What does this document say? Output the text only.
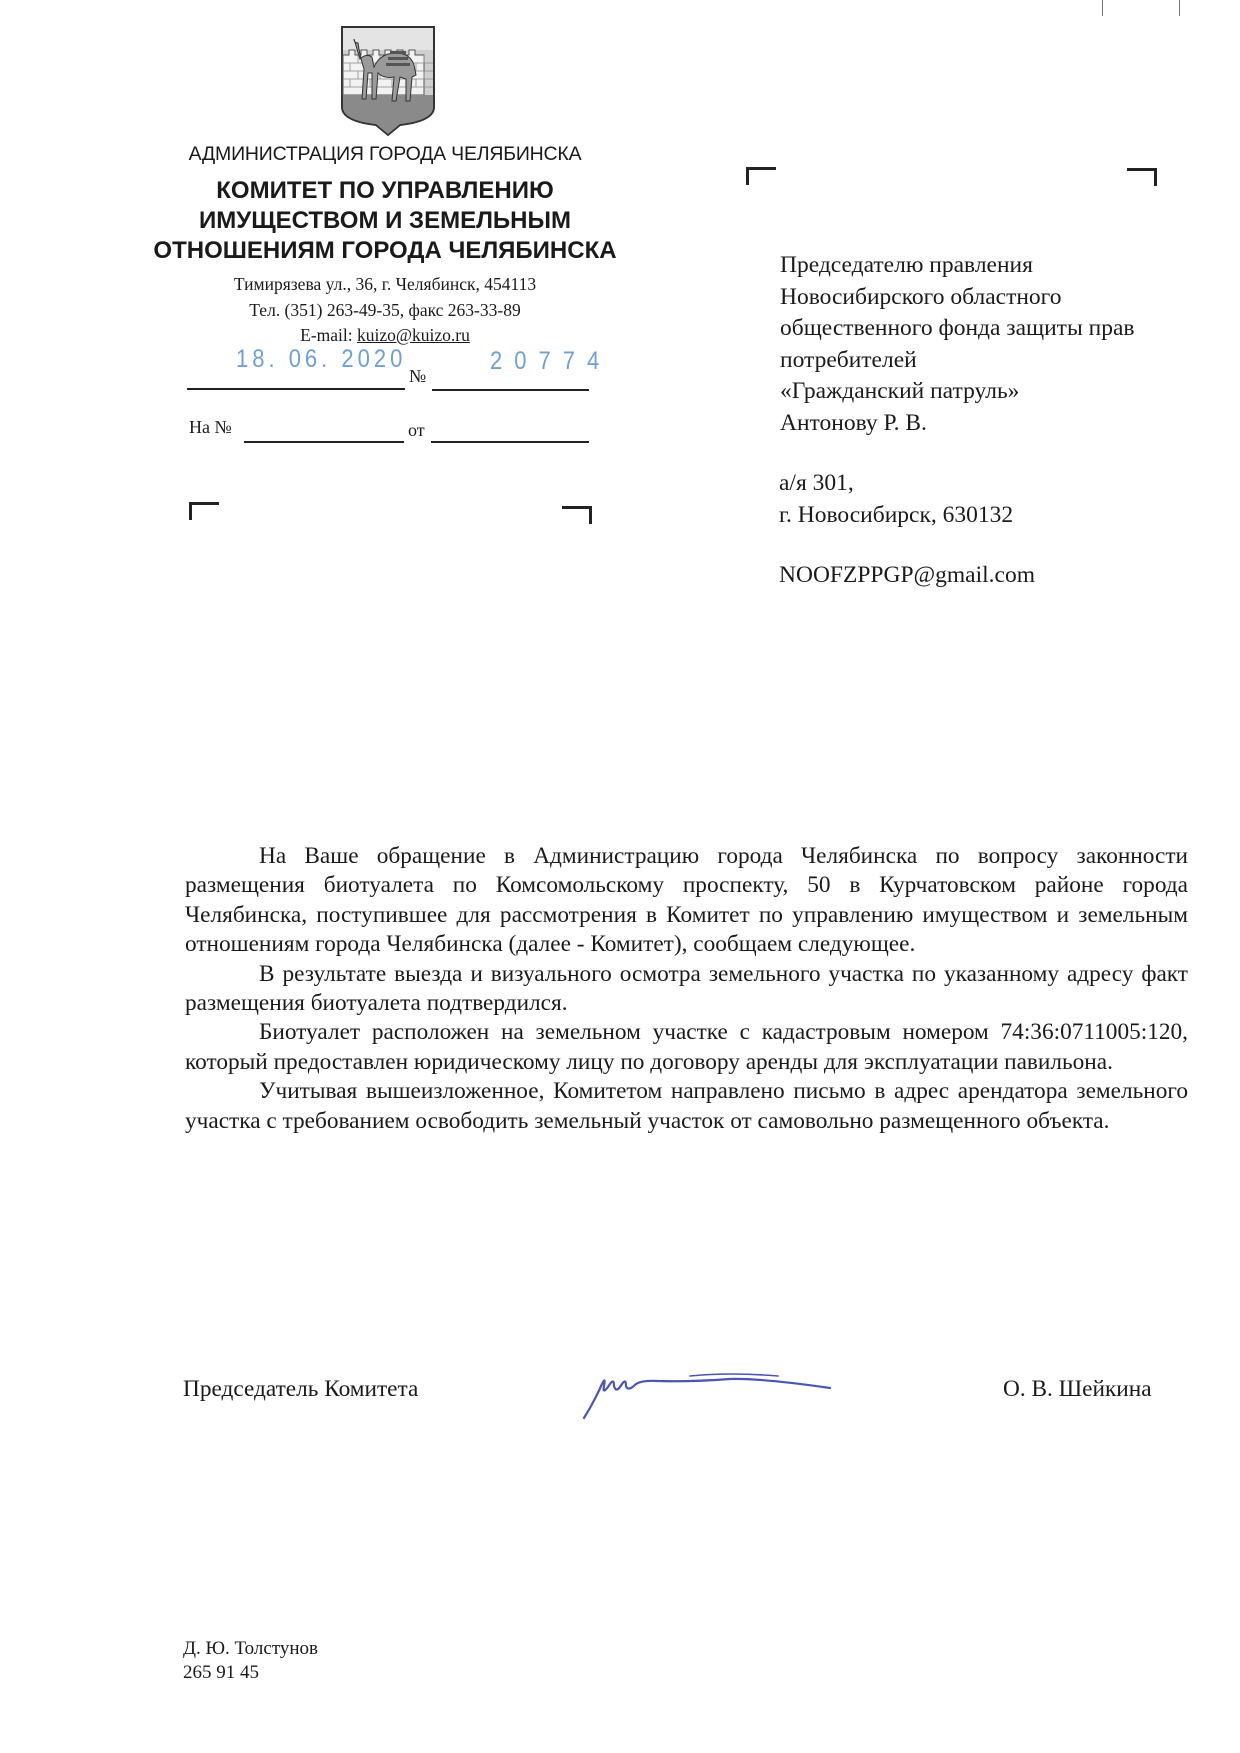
АДМИНИСТРАЦИЯ ГОРОДА ЧЕЛЯБИНСКА
КОМИТЕТ ПО УПРАВЛЕНИЮ
ИМУЩЕСТВОМ И ЗЕМЕЛЬНЫМ
ОТНОШЕНИЯМ ГОРОДА ЧЕЛЯБИНСКА
Тимирязева ул., 36, г. Челябинск, 454113
Тел. (351) 263-49-35, факс 263-33-89
E-mail: kuizo@kuizo.ru
18. 06. 2020
№
20774
На №	от
Председателю правления
Новосибирского областного
общественного фонда защиты прав
потребителей
«Гражданский патруль»
Антонову Р. В.
а/я 301,
г. Новосибирск, 630132
NOOFZPPGP@gmail.com

На Ваше обращение в Администрацию города Челябинска по вопросу законности размещения биотуалета по Комсомольскому проспекту, 50 в Курчатовском районе города Челябинска, поступившее для рассмотрения в Комитет по управлению имуществом и земельным отношениям города Челябинска (далее - Комитет), сообщаем следующее.

В результате выезда и визуального осмотра земельного участка по указанному адресу факт размещения биотуалета подтвердился.

Биотуалет расположен на земельном участке с кадастровым номером 74:36:0711005:120, который предоставлен юридическому лицу по договору аренды для эксплуатации павильона.

Учитывая вышеизложенное, Комитетом направлено письмо в адрес арендатора земельного участка с требованием освободить земельный участок от самовольно размещенного объекта.

Председатель Комитета	О. В. Шейкина
Д. Ю. Толстунов
265 91 45
